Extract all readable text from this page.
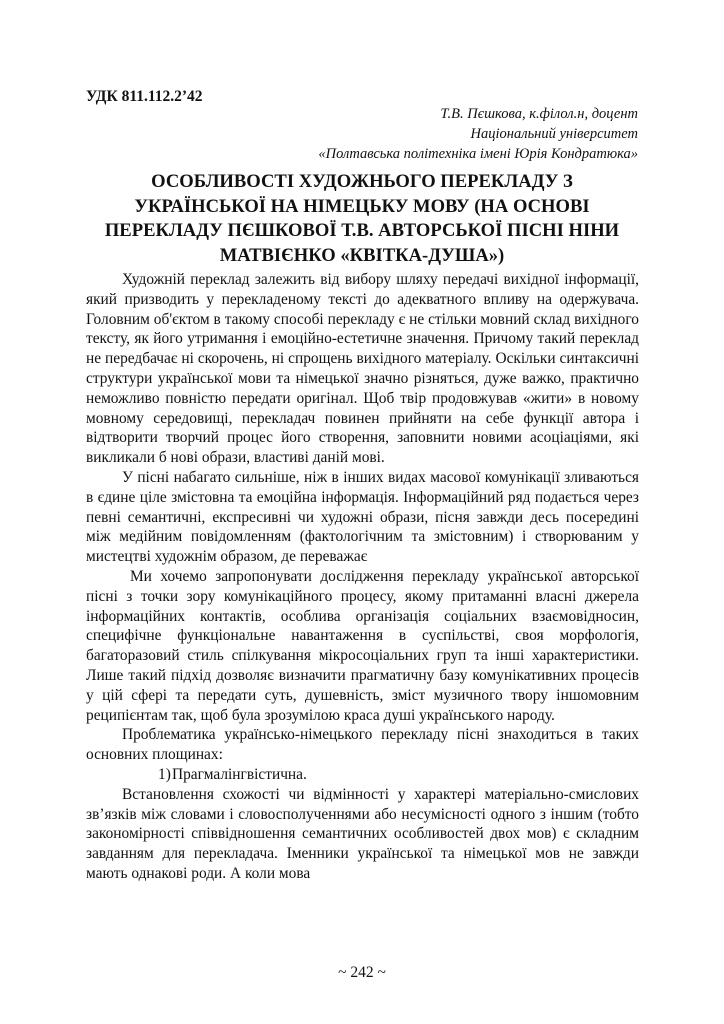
УДК 811.112.2’42
Т.В. Пєшкова, к.філол.н, доцент
Національний університет
«Полтавська політехніка імені Юрія Кондратюка»
ОСОБЛИВОСТІ ХУДОЖНЬОГО ПЕРЕКЛАДУ З УКРАЇНСЬКОЇ НА НІМЕЦЬКУ МОВУ (НА ОСНОВІ ПЕРЕКЛАДУ ПЄШКОВОЇ Т.В. АВТОРСЬКОЇ ПІСНІ НІНИ МАТВІЄНКО «КВІТКА-ДУША»)

Художній переклад залежить від вибору шляху передачі вихідної інформації, який призводить у перекладеному тексті до адекватного впливу на одержувача. Головним об'єктом в такому способі перекладу є не стільки мовний склад вихідного тексту, як його утримання і емоційно-естетичне значення. Причому такий переклад не передбачає ні скорочень, ні спрощень вихідного матеріалу. Оскільки синтаксичні структури української мови та німецької значно різняться, дуже важко, практично неможливо повністю передати оригінал. Щоб твір продовжував «жити» в новому мовному середовищі, перекладач повинен прийняти на себе функції автора і відтворити творчий процес його створення, заповнити новими асоціаціями, які викликали б нові образи, властиві даній мові.

У пісні набагато сильніше, ніж в інших видах масової комунікації зливаються в єдине ціле змістовна та емоційна інформація. Інформаційний ряд подається через певні семантичні, експресивні чи художні образи, пісня завжди десь посередині між медійним повідомленням (фактологічним та змістовним) і створюваним у мистецтві художнім образом, де переважає

Ми хочемо запропонувати дослідження перекладу української авторської пісні з точки зору комунікаційного процесу, якому притаманні власні джерела інформаційних контактів, особлива організація соціальних взаємовідносин, специфічне функціональне навантаження в суспільстві, своя морфологія, багаторазовий стиль спілкування мікросоціальних груп та інші характеристики. Лише такий підхід дозволяє визначити прагматичну базу комунікативних процесів у цій сфері та передати суть, душевність, зміст музичного твору іншомовним реципієнтам так, щоб була зрозумілою краса душі українського народу.

Проблематика українсько-німецького перекладу пісні знаходиться в таких основних площинах:

1)Прагмалінгвістична.

Встановлення схожості чи відмінності у характері матеріально-смислових зв’язків між словами і словосполученнями або несумісності одного з іншим (тобто закономірності співвідношення семантичних особливостей двох мов) є складним завданням для перекладача. Іменники української та німецької мов не завжди мають однакові роди. А коли мова

~ 242 ~
